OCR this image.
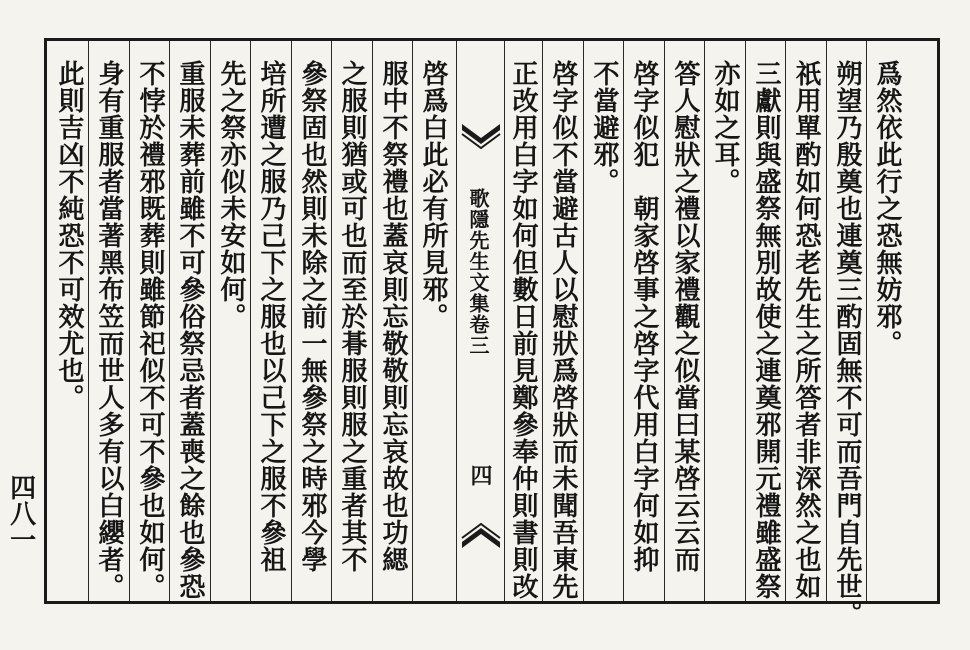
爲然依此行之恐無妨邪。
朔望乃殷奠也連奠三酌固無不可而吾門自先世。
祇用單酌如何恐老先生之所答者非深然之也如
三獻則與盛祭無別故使之連奠邪開元禮雖盛祭
亦如之耳。
答人慰狀之禮以家禮觀之似當曰某啓云云而
啓字似犯　朝家啓事之啓字代用白字何如抑
不當避邪。
啓字似不當避古人以慰狀爲啓狀而未聞吾東先
正改用白字如何但數日前見鄭參奉仲則書則改
歌隱先生文集卷三
四
啓爲白此必有所見邪。
服中不祭禮也蓋哀則忘敬敬則忘哀故也功緦
之服則猶或可也而至於朞服則服之重者其不
參祭固也然則未除之前一無參祭之時邪今學
培所遭之服乃己下之服也以己下之服不參祖
先之祭亦似未安如何。
重服未葬前雖不可參俗祭忌者蓋喪之餘也參恐
不悖於禮邪既葬則雖節祀似不可不參也如何。
身有重服者當著黑布笠而世人多有以白纓者。
此則吉凶不純恐不可效尤也。
四八一
